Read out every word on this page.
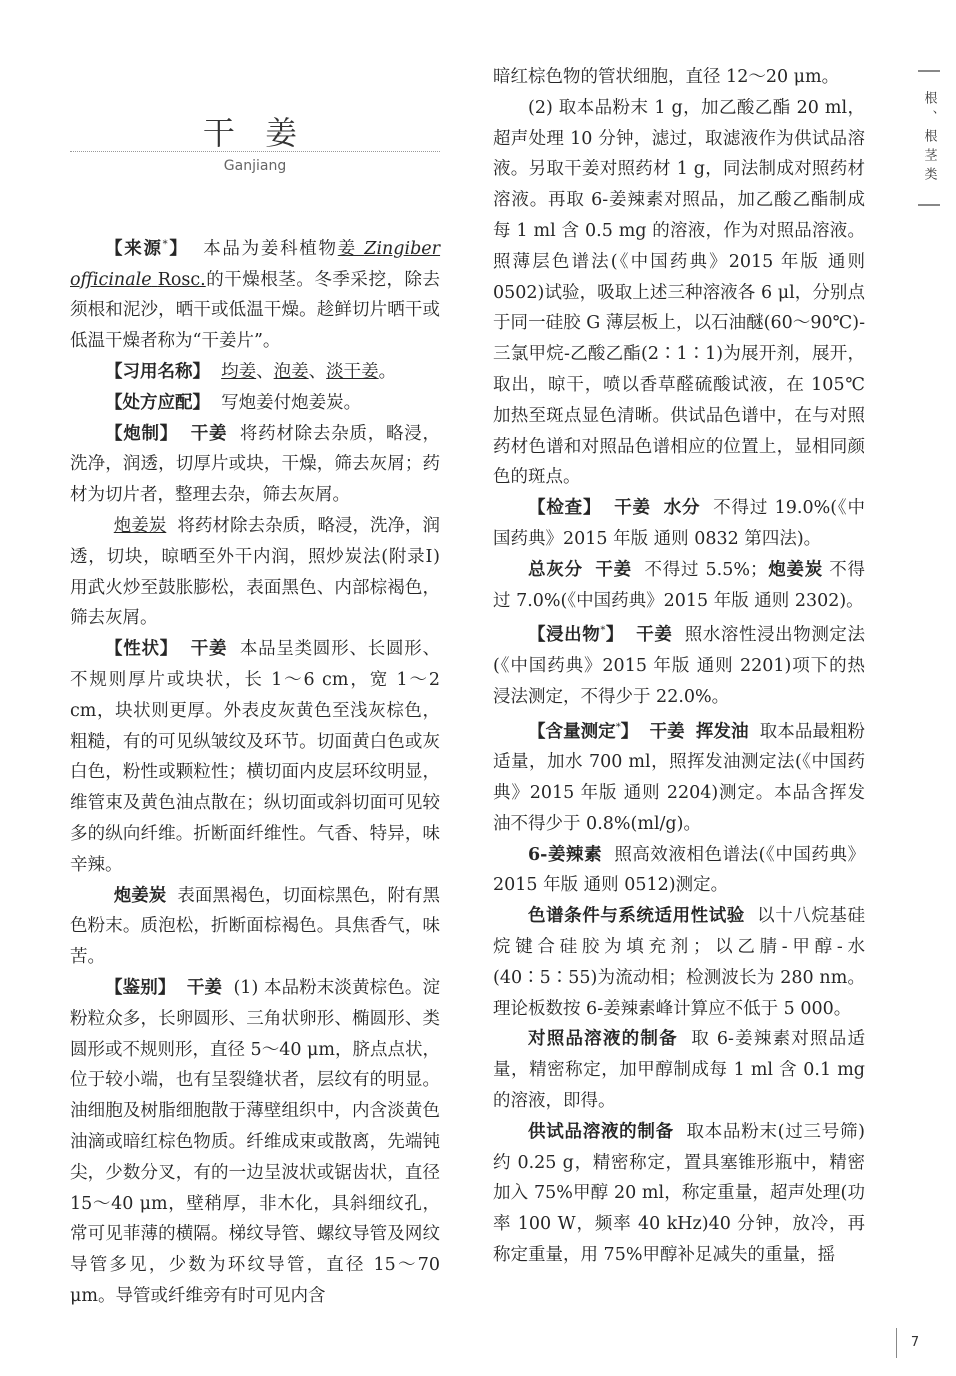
根、根茎类
干 姜
Ganjiang

【来源*】 本品为姜科植物姜 Zingiber officinale Rosc.的干燥根茎。冬季采挖，除去须根和泥沙，晒干或低温干燥。趁鲜切片晒干或低温干燥者称为“干姜片”。

【习用名称】 均姜、泡姜、淡干姜。

【处方应配】 写炮姜付炮姜炭。

【炮制】 干姜 将药材除去杂质，略浸，洗净，润透，切厚片或块，干燥，筛去灰屑；药材为切片者，整理去杂，筛去灰屑。

炮姜炭 将药材除去杂质，略浸，洗净，润透，切块，晾晒至外干内润，照炒炭法(附录Ⅰ)用武火炒至鼓胀膨松，表面黑色、内部棕褐色，筛去灰屑。

【性状】 干姜 本品呈类圆形、长圆形、不规则厚片或块状，长 1～6 cm，宽 1～2 cm，块状则更厚。外表皮灰黄色至浅灰棕色，粗糙，有的可见纵皱纹及环节。切面黄白色或灰白色，粉性或颗粒性；横切面内皮层环纹明显，维管束及黄色油点散在；纵切面或斜切面可见较多的纵向纤维。折断面纤维性。气香、特异，味辛辣。

炮姜炭 表面黑褐色，切面棕黑色，附有黑色粉末。质泡松，折断面棕褐色。具焦香气，味苦。

【鉴别】 干姜 (1) 本品粉末淡黄棕色。淀粉粒众多，长卵圆形、三角状卵形、椭圆形、类圆形或不规则形，直径 5～40 μm，脐点点状，位于较小端，也有呈裂缝状者，层纹有的明显。油细胞及树脂细胞散于薄壁组织中，内含淡黄色油滴或暗红棕色物质。纤维成束或散离，先端钝尖，少数分叉，有的一边呈波状或锯齿状，直径 15～40 μm，壁稍厚，非木化，具斜细纹孔，常可见菲薄的横隔。梯纹导管、螺纹导管及网纹导管多见，少数为环纹导管，直径 15～70 μm。导管或纤维旁有时可见内含

暗红棕色物的管状细胞，直径 12～20 μm。

(2) 取本品粉末 1 g，加乙酸乙酯 20 ml，超声处理 10 分钟，滤过，取滤液作为供试品溶液。另取干姜对照药材 1 g，同法制成对照药材溶液。再取 6-姜辣素对照品，加乙酸乙酯制成每 1 ml 含 0.5 mg 的溶液，作为对照品溶液。照薄层色谱法(《中国药典》2015 年版 通则 0502)试验，吸取上述三种溶液各 6 μl，分别点于同一硅胶 G 薄层板上，以石油醚(60～90℃)-三氯甲烷-乙酸乙酯(2∶1∶1)为展开剂，展开，取出，晾干，喷以香草醛硫酸试液，在 105℃加热至斑点显色清晰。供试品色谱中，在与对照药材色谱和对照品色谱相应的位置上，显相同颜色的斑点。

【检查】 干姜 水分 不得过 19.0%(《中国药典》2015 年版 通则 0832 第四法)。

总灰分 干姜 不得过 5.5%；炮姜炭 不得过 7.0%(《中国药典》2015 年版 通则 2302)。

【浸出物*】 干姜 照水溶性浸出物测定法(《中国药典》2015 年版 通则 2201)项下的热浸法测定，不得少于 22.0%。

【含量测定*】 干姜 挥发油 取本品最粗粉适量，加水 700 ml，照挥发油测定法(《中国药典》2015 年版 通则 2204)测定。本品含挥发油不得少于 0.8%(ml/g)。

6-姜辣素 照高效液相色谱法(《中国药典》2015 年版 通则 0512)测定。

色谱条件与系统适用性试验 以十八烷基硅烷键合硅胶为填充剂；以乙腈-甲醇-水(40∶5∶55)为流动相；检测波长为 280 nm。理论板数按 6-姜辣素峰计算应不低于 5 000。

对照品溶液的制备 取 6-姜辣素对照品适量，精密称定，加甲醇制成每 1 ml 含 0.1 mg 的溶液，即得。

供试品溶液的制备 取本品粉末(过三号筛)约 0.25 g，精密称定，置具塞锥形瓶中，精密加入 75%甲醇 20 ml，称定重量，超声处理(功率 100 W，频率 40 kHz)40 分钟，放冷，再称定重量，用 75%甲醇补足减失的重量，摇

7
